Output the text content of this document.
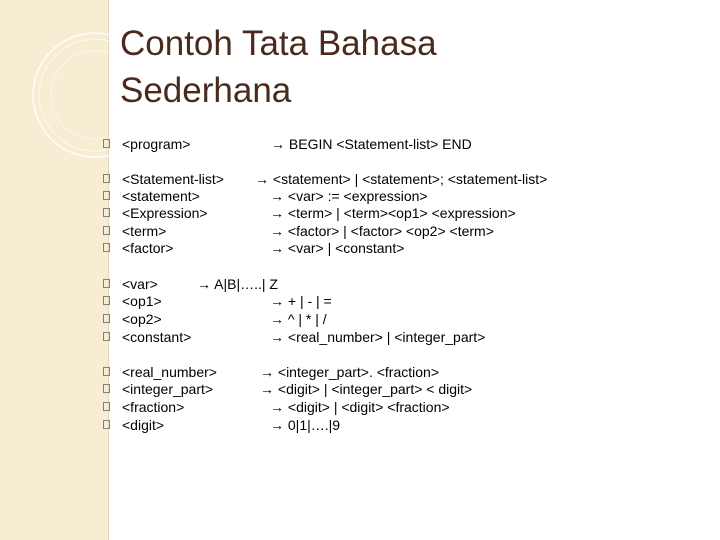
Contoh Tata Bahasa
Sederhana
<program>	→ BEGIN <Statement-list> END
<Statement-list> → <statement> | <statement>; <statement-list>
<statement>	→ <var> := <expression>
<Expression>	→ <term> | <term><op1> <expression>
<term>	→ <factor> | <factor> <op2> <term>
<factor>	→ <var> | <constant>
<var>	→ A|B|…..| Z
<op1>	→ + | - | =
<op2>	→ ^ | * | /
<constant>	→ <real_number> | <integer_part>
<real_number>	→ <integer_part>. <fraction>
<integer_part>	→ <digit> | <integer_part> < digit>
<fraction>	→ <digit> | <digit> <fraction>
<digit>	→ 0|1|….|9
